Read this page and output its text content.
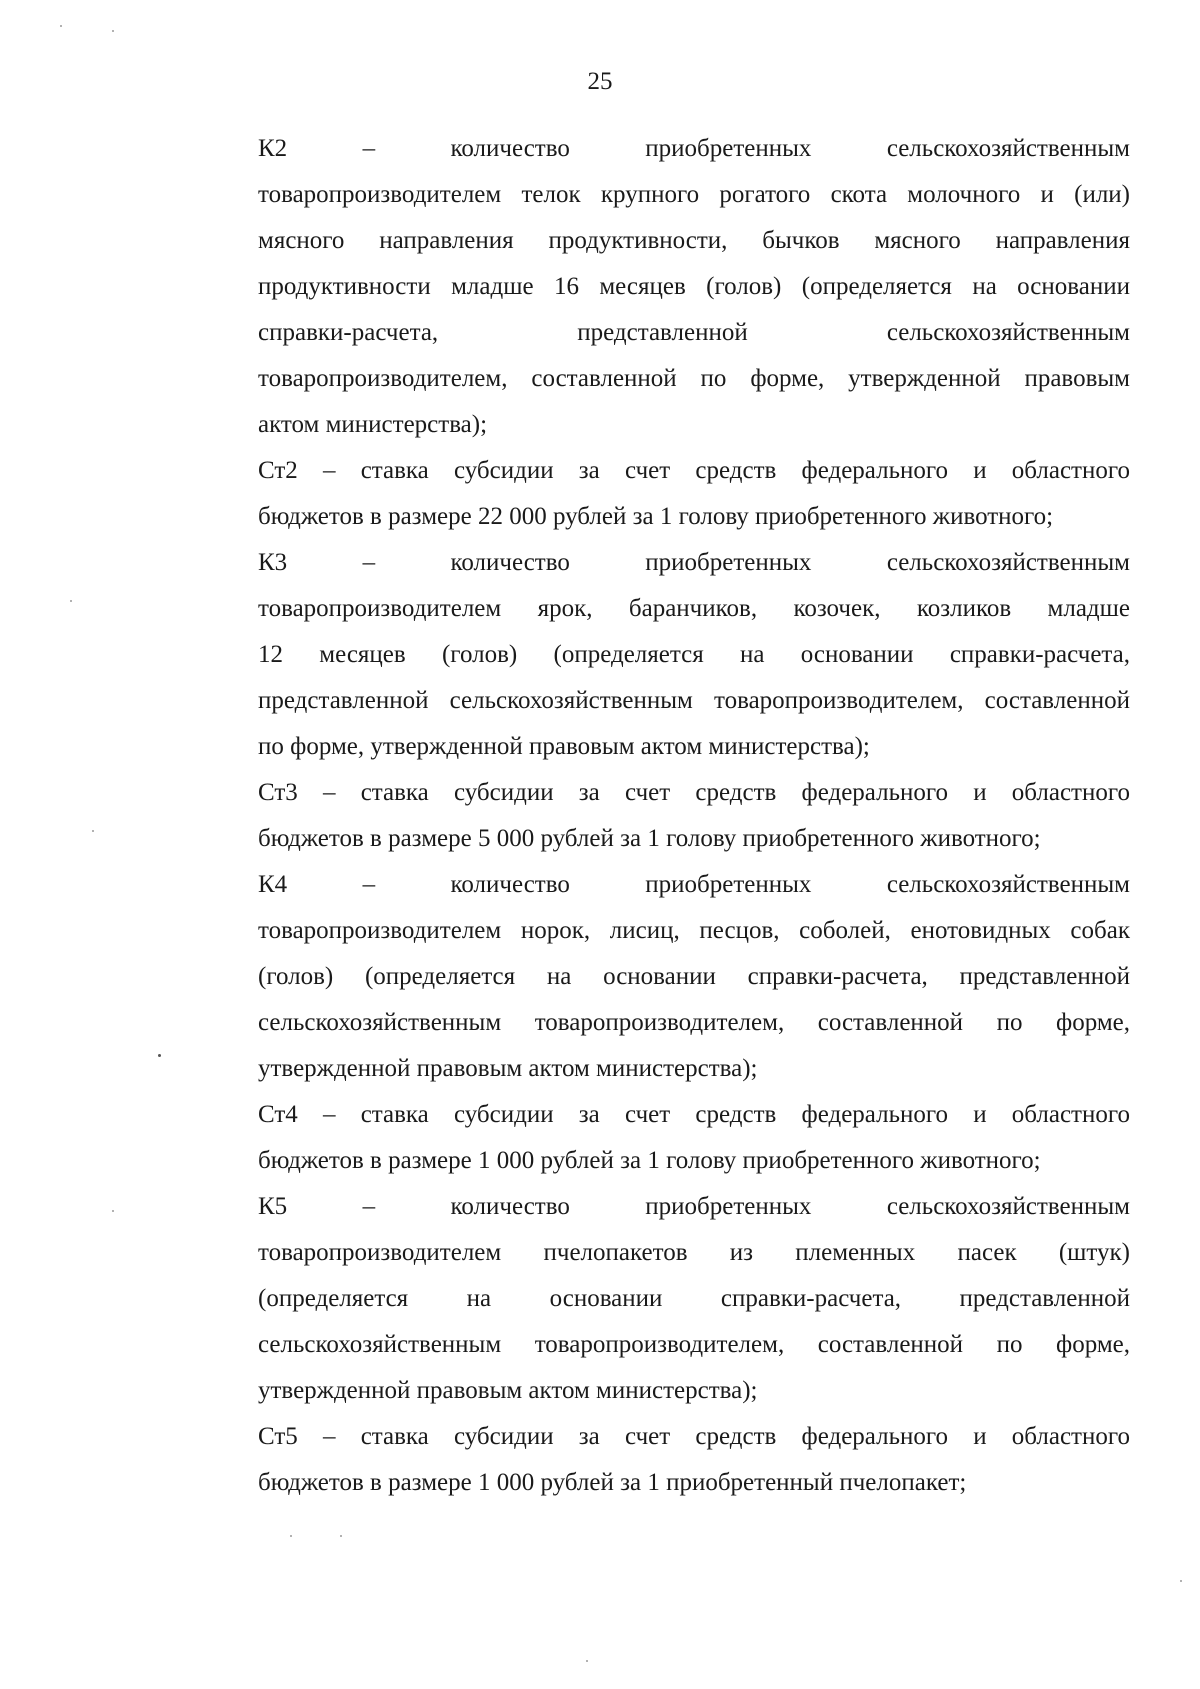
25

К2 – количество приобретенных сельскохозяйственным
товаропроизводителем телок крупного рогатого скота молочного и (или)
мясного направления продуктивности, бычков мясного направления
продуктивности младше 16 месяцев (голов) (определяется на основании
справки-расчета, представленной сельскохозяйственным
товаропроизводителем, составленной по форме, утвержденной правовым
актом министерства);

Ст2 – ставка субсидии за счет средств федерального и областного
бюджетов в размере 22 000 рублей за 1 голову приобретенного животного;

К3 – количество приобретенных сельскохозяйственным
товаропроизводителем ярок, баранчиков, козочек, козликов младше
12 месяцев (голов) (определяется на основании справки-расчета,
представленной сельскохозяйственным товаропроизводителем, составленной
по форме, утвержденной правовым актом министерства);

Ст3 – ставка субсидии за счет средств федерального и областного
бюджетов в размере 5 000 рублей за 1 голову приобретенного животного;

К4 – количество приобретенных сельскохозяйственным
товаропроизводителем норок, лисиц, песцов, соболей, енотовидных собак
(голов) (определяется на основании справки-расчета, представленной
сельскохозяйственным товаропроизводителем, составленной по форме,
утвержденной правовым актом министерства);

Ст4 – ставка субсидии за счет средств федерального и областного
бюджетов в размере 1 000 рублей за 1 голову приобретенного животного;

К5 – количество приобретенных сельскохозяйственным
товаропроизводителем пчелопакетов из племенных пасек (штук)
(определяется на основании справки-расчета, представленной
сельскохозяйственным товаропроизводителем, составленной по форме,
утвержденной правовым актом министерства);

Ст5 – ставка субсидии за счет средств федерального и областного
бюджетов в размере 1 000 рублей за 1 приобретенный пчелопакет;
